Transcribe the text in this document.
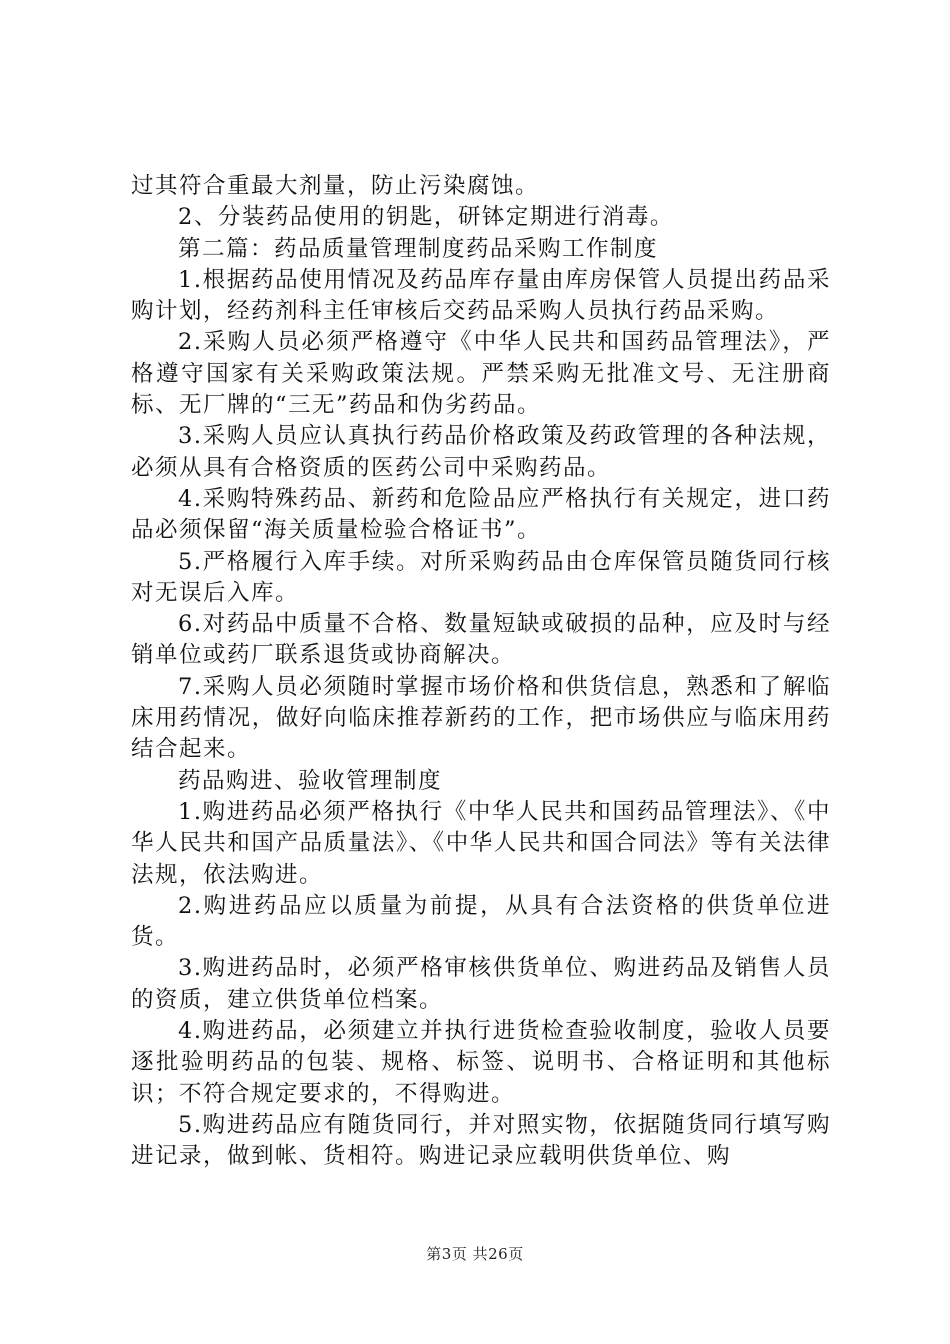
过其符合重最大剂量，防止污染腐蚀。

2、分装药品使用的钥匙，研钵定期进行消毒。

第二篇：药品质量管理制度药品采购工作制度

1.根据药品使用情况及药品库存量由库房保管人员提出药品采购计划，经药剂科主任审核后交药品采购人员执行药品采购。

2.采购人员必须严格遵守《中华人民共和国药品管理法》，严格遵守国家有关采购政策法规。严禁采购无批准文号、无注册商标、无厂牌的“三无”药品和伪劣药品。

3.采购人员应认真执行药品价格政策及药政管理的各种法规，必须从具有合格资质的医药公司中采购药品。

4.采购特殊药品、新药和危险品应严格执行有关规定，进口药品必须保留“海关质量检验合格证书”。

5.严格履行入库手续。对所采购药品由仓库保管员随货同行核对无误后入库。

6.对药品中质量不合格、数量短缺或破损的品种，应及时与经销单位或药厂联系退货或协商解决。

7.采购人员必须随时掌握市场价格和供货信息，熟悉和了解临床用药情况，做好向临床推荐新药的工作，把市场供应与临床用药结合起来。

药品购进、验收管理制度

1.购进药品必须严格执行《中华人民共和国药品管理法》、《中华人民共和国产品质量法》、《中华人民共和国合同法》等有关法律法规，依法购进。

2.购进药品应以质量为前提，从具有合法资格的供货单位进货。

3.购进药品时，必须严格审核供货单位、购进药品及销售人员的资质，建立供货单位档案。

4.购进药品，必须建立并执行进货检查验收制度，验收人员要逐批验明药品的包装、规格、标签、说明书、合格证明和其他标识；不符合规定要求的，不得购进。

5.购进药品应有随货同行，并对照实物，依据随货同行填写购进记录，做到帐、货相符。购进记录应载明供货单位、购

第3页 共26页
